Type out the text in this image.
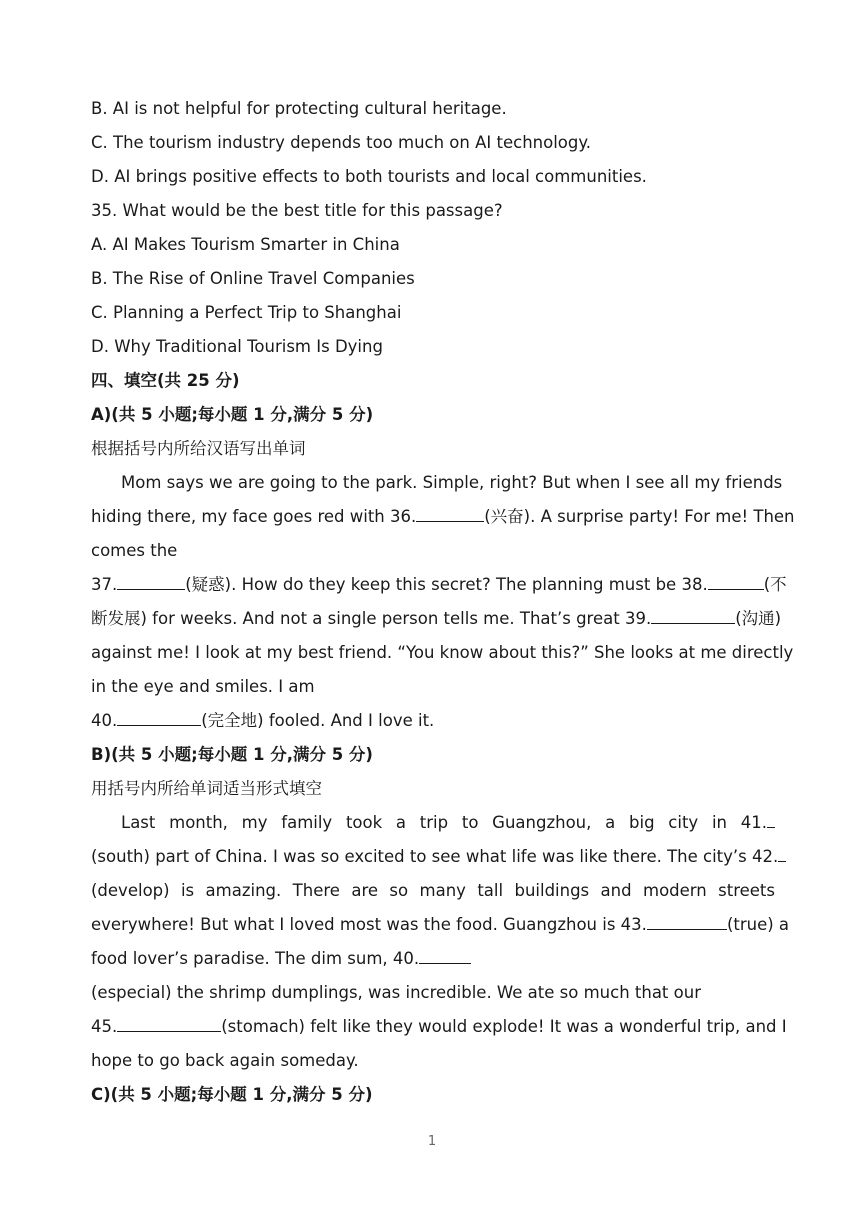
B. AI is not helpful for protecting cultural heritage.
C. The tourism industry depends too much on AI technology.
D. AI brings positive effects to both tourists and local communities.
35. What would be the best title for this passage?
A. AI Makes Tourism Smarter in China
B. The Rise of Online Travel Companies
C. Planning a Perfect Trip to Shanghai
D. Why Traditional Tourism Is Dying
四、填空(共 25 分)
A)(共 5 小题;每小题 1 分,满分 5 分)
根据括号内所给汉语写出单词
Mom says we are going to the park. Simple, right? But when I see all my friends
hiding there, my face goes red with 36.	(兴奋). A surprise party! For me! Then
comes the
37.	(疑惑). How do they keep this secret? The planning must be 38.	(不
断发展) for weeks. And not a single person tells me. That’s great 39.	(沟通)
against me! I look at my best friend. “You know about this?” She looks at me directly
in the eye and smiles. I am
40.	(完全地) fooled. And I love it.
B)(共 5 小题;每小题 1 分,满分 5 分)
用括号内所给单词适当形式填空
Last month, my family took a trip to Guangzhou, a big city in 41.
(south) part of China. I was so excited to see what life was like there. The city’s 42.
(develop) is amazing. There are so many tall buildings and modern streets
everywhere! But what I loved most was the food. Guangzhou is 43.	(true) a
food lover’s paradise. The dim sum, 40.
(especial) the shrimp dumplings, was incredible. We ate so much that our
45.	(stomach) felt like they would explode! It was a wonderful trip, and I
hope to go back again someday.
C)(共 5 小题;每小题 1 分,满分 5 分)
1
